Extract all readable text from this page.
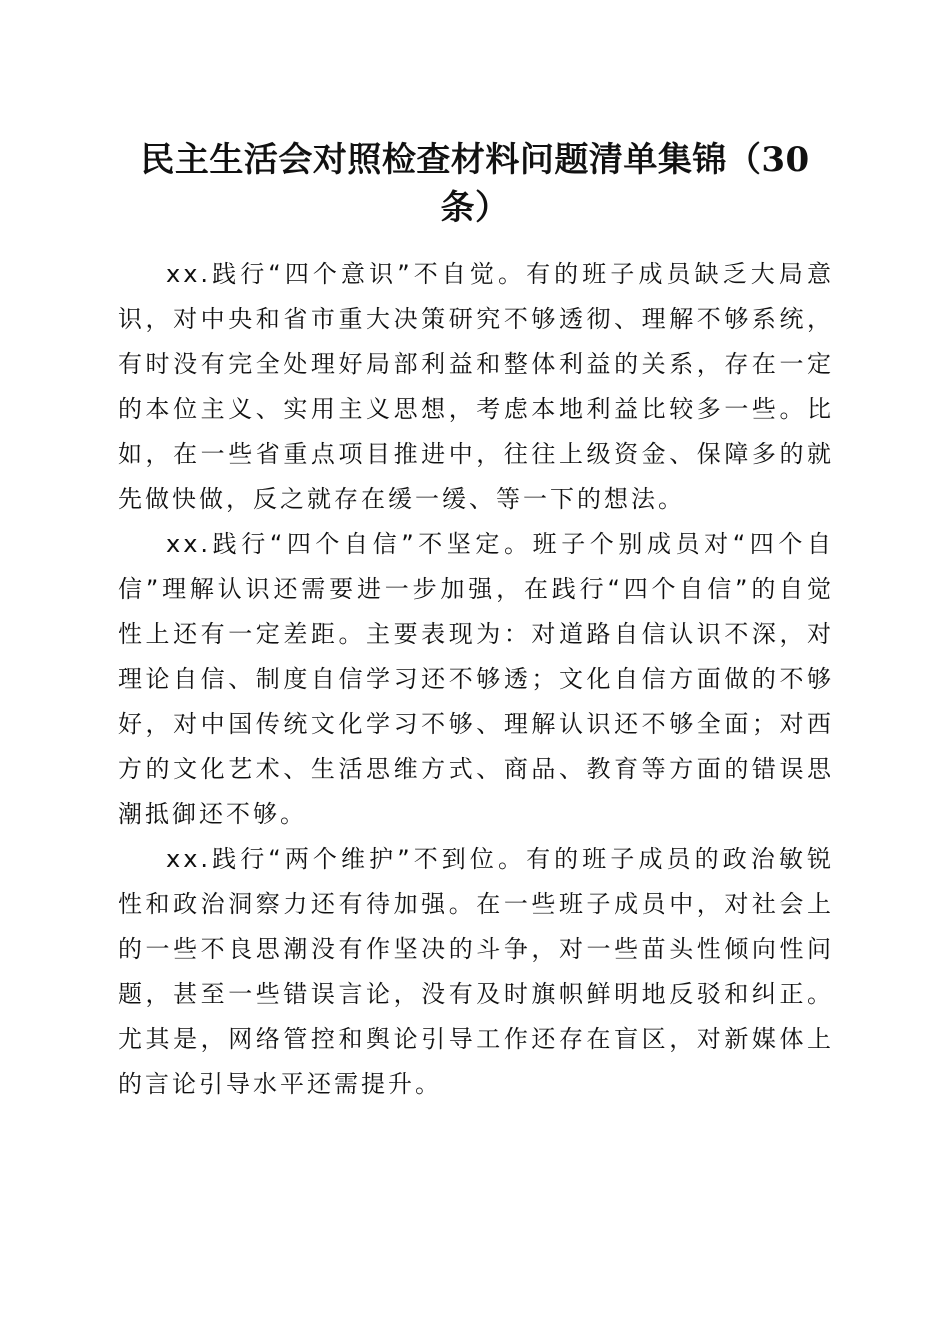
民主生活会对照检查材料问题清单集锦（30条）

xx.践行“四个意识”不自觉。有的班子成员缺乏大局意识，对中央和省市重大决策研究不够透彻、理解不够系统，有时没有完全处理好局部利益和整体利益的关系，存在一定的本位主义、实用主义思想，考虑本地利益比较多一些。比如，在一些省重点项目推进中，往往上级资金、保障多的就先做快做，反之就存在缓一缓、等一下的想法。

xx.践行“四个自信”不坚定。班子个别成员对“四个自信”理解认识还需要进一步加强，在践行“四个自信”的自觉性上还有一定差距。主要表现为：对道路自信认识不深，对理论自信、制度自信学习还不够透；文化自信方面做的不够好，对中国传统文化学习不够、理解认识还不够全面；对西方的文化艺术、生活思维方式、商品、教育等方面的错误思潮抵御还不够。

xx.践行“两个维护”不到位。有的班子成员的政治敏锐性和政治洞察力还有待加强。在一些班子成员中，对社会上的一些不良思潮没有作坚决的斗争，对一些苗头性倾向性问题，甚至一些错误言论，没有及时旗帜鲜明地反驳和纠正。尤其是，网络管控和舆论引导工作还存在盲区，对新媒体上的言论引导水平还需提升。
